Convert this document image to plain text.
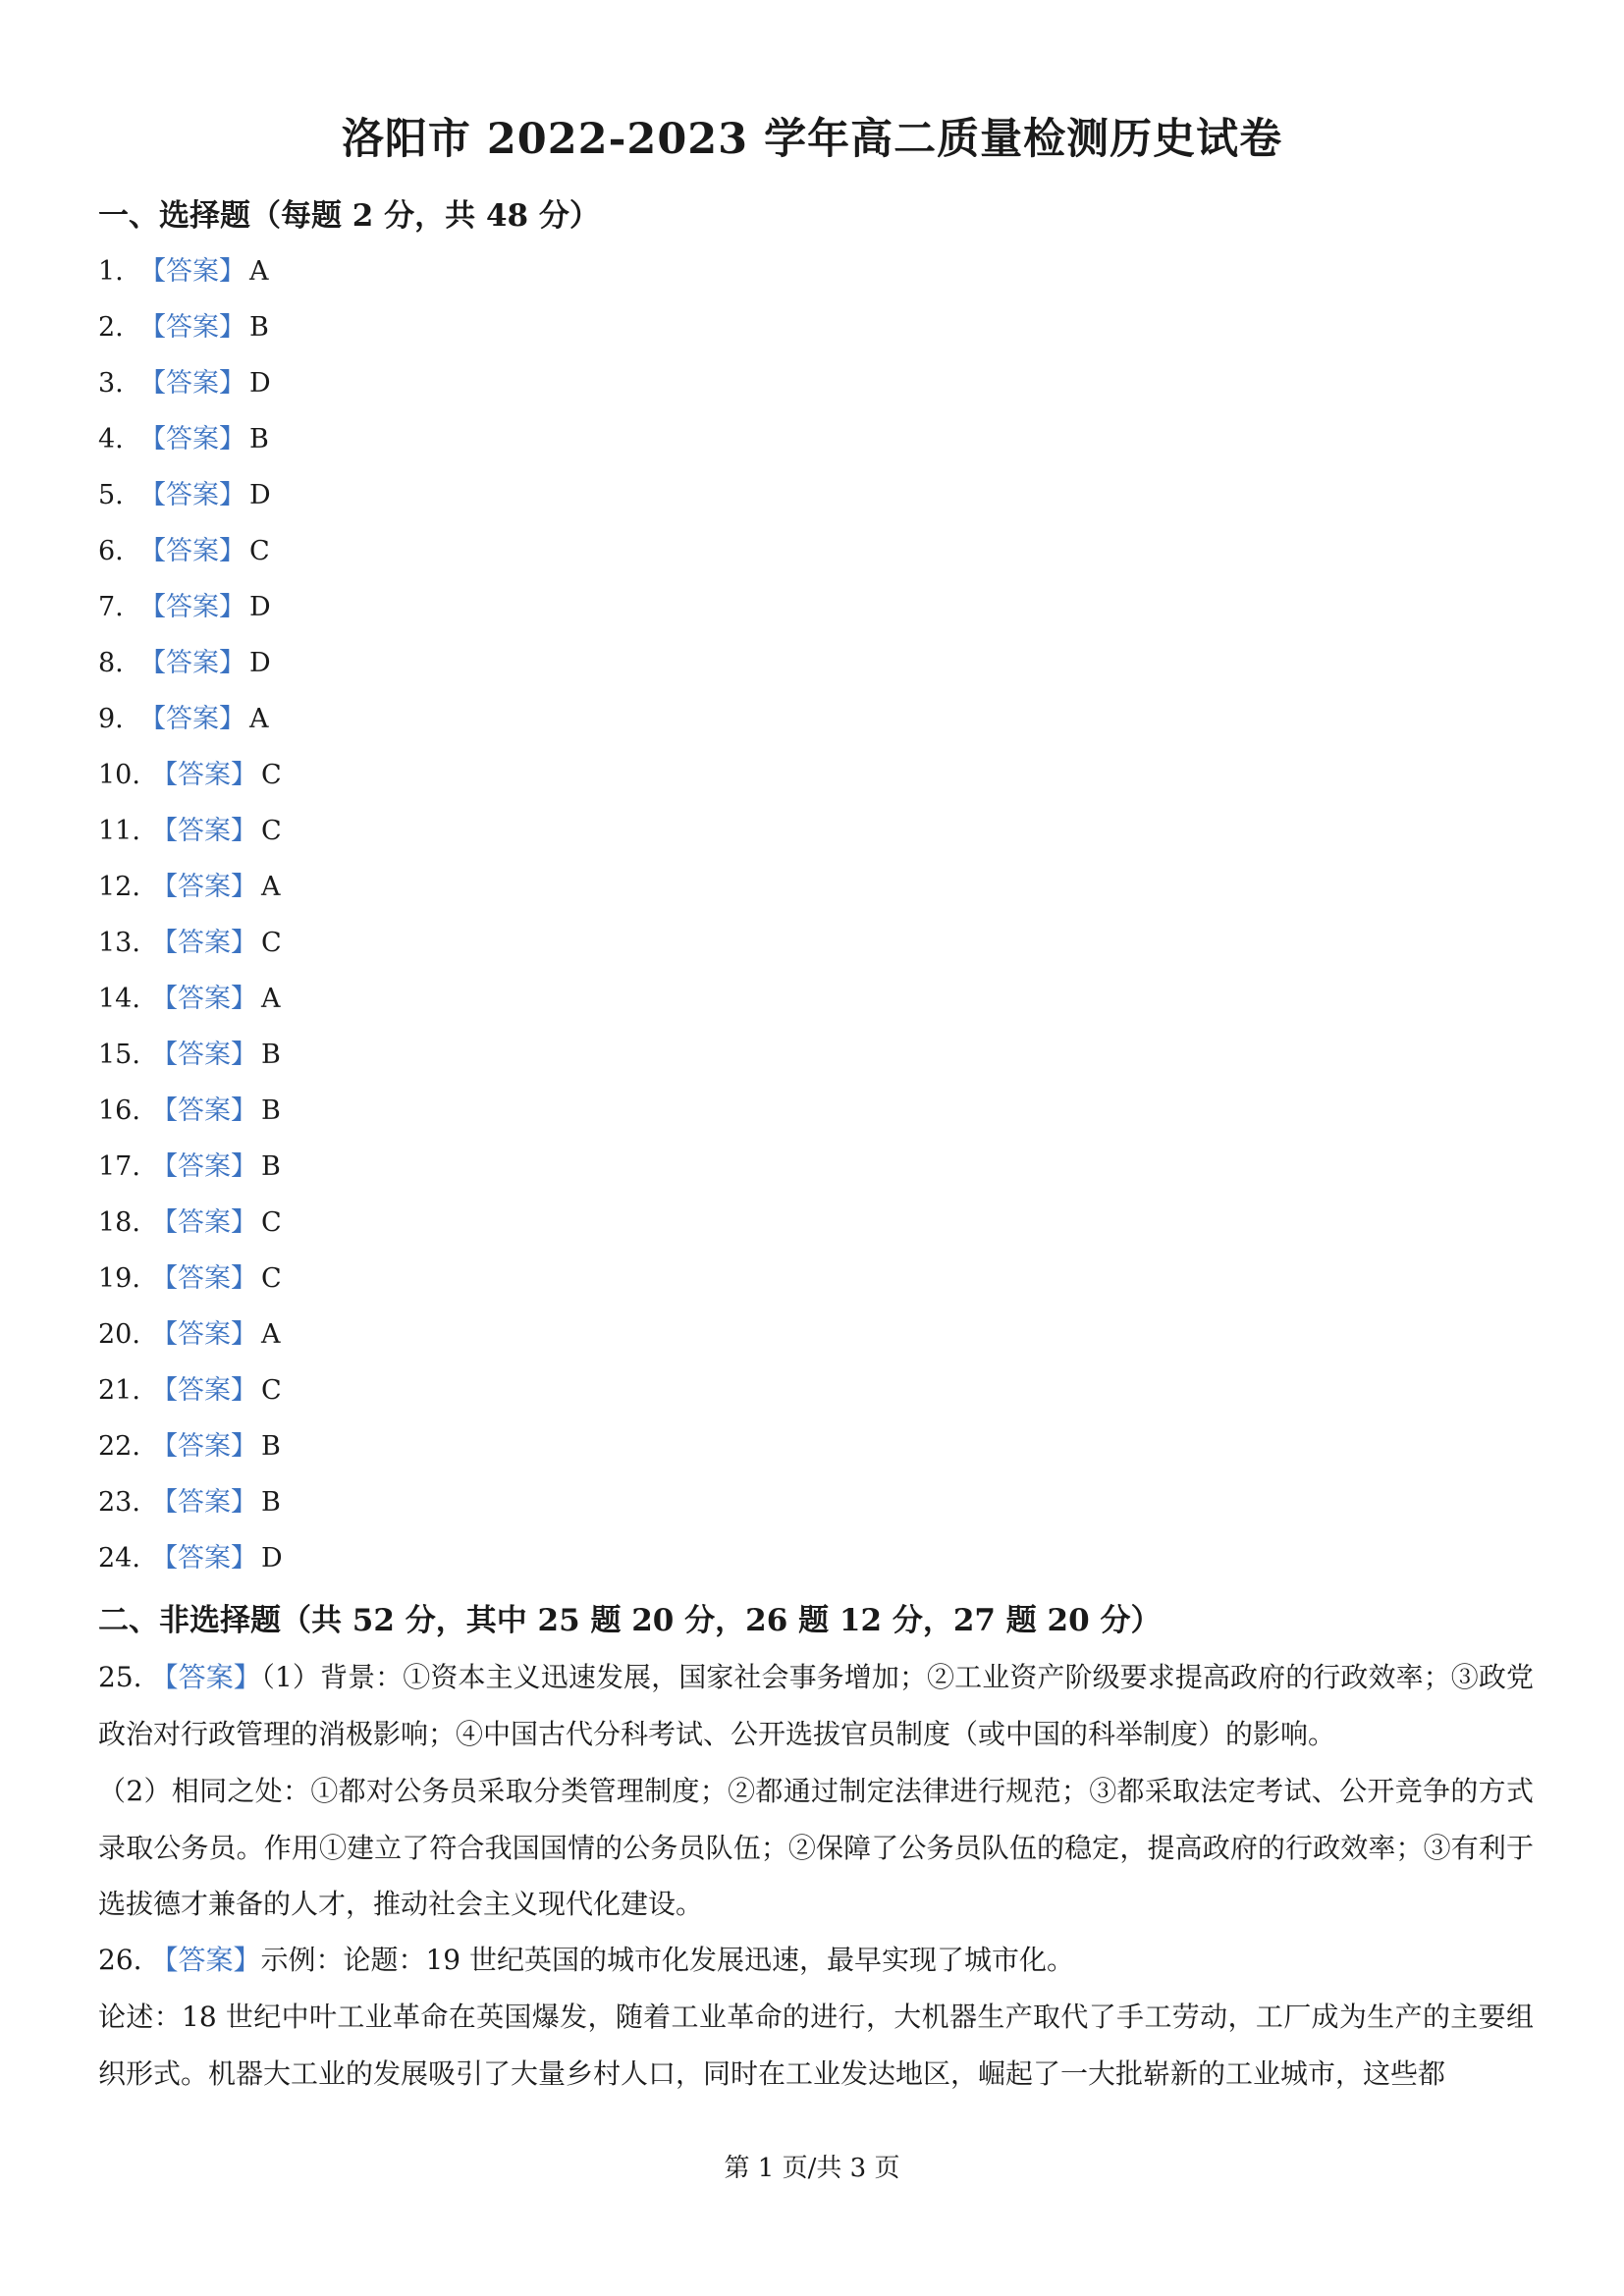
洛阳市 2022-2023 学年高二质量检测历史试卷
一、选择题（每题 2 分，共 48 分）
1. 【答案】 A
2. 【答案】 B
3. 【答案】 D
4. 【答案】 B
5. 【答案】 D
6. 【答案】 C
7. 【答案】 D
8. 【答案】 D
9. 【答案】 A
10. 【答案】 C
11. 【答案】 C
12. 【答案】 A
13. 【答案】 C
14. 【答案】 A
15. 【答案】 B
16. 【答案】 B
17. 【答案】 B
18. 【答案】 C
19. 【答案】 C
20. 【答案】 A
21. 【答案】 C
22. 【答案】 B
23. 【答案】 B
24. 【答案】 D
二、非选择题（共 52 分，其中 25 题 20 分，26 题 12 分，27 题 20 分）
25. 【答案】（1）背景：①资本主义迅速发展，国家社会事务增加；②工业资产阶级要求提高政府的行政效率；③政党政治对行政管理的消极影响；④中国古代分科考试、公开选拔官员制度（或中国的科举制度）的影响。
（2）相同之处：①都对公务员采取分类管理制度；②都通过制定法律进行规范；③都采取法定考试、公开竞争的方式录取公务员。作用①建立了符合我国国情的公务员队伍；②保障了公务员队伍的稳定，提高政府的行政效率；③有利于选拔德才兼备的人才，推动社会主义现代化建设。
26. 【答案】示例：论题：19 世纪英国的城市化发展迅速，最早实现了城市化。
论述：18 世纪中叶工业革命在英国爆发，随着工业革命的进行，大机器生产取代了手工劳动，工厂成为生产的主要组织形式。机器大工业的发展吸引了大量乡村人口，同时在工业发达地区，崛起了一大批崭新的工业城市，这些都
第 1 页/共 3 页
